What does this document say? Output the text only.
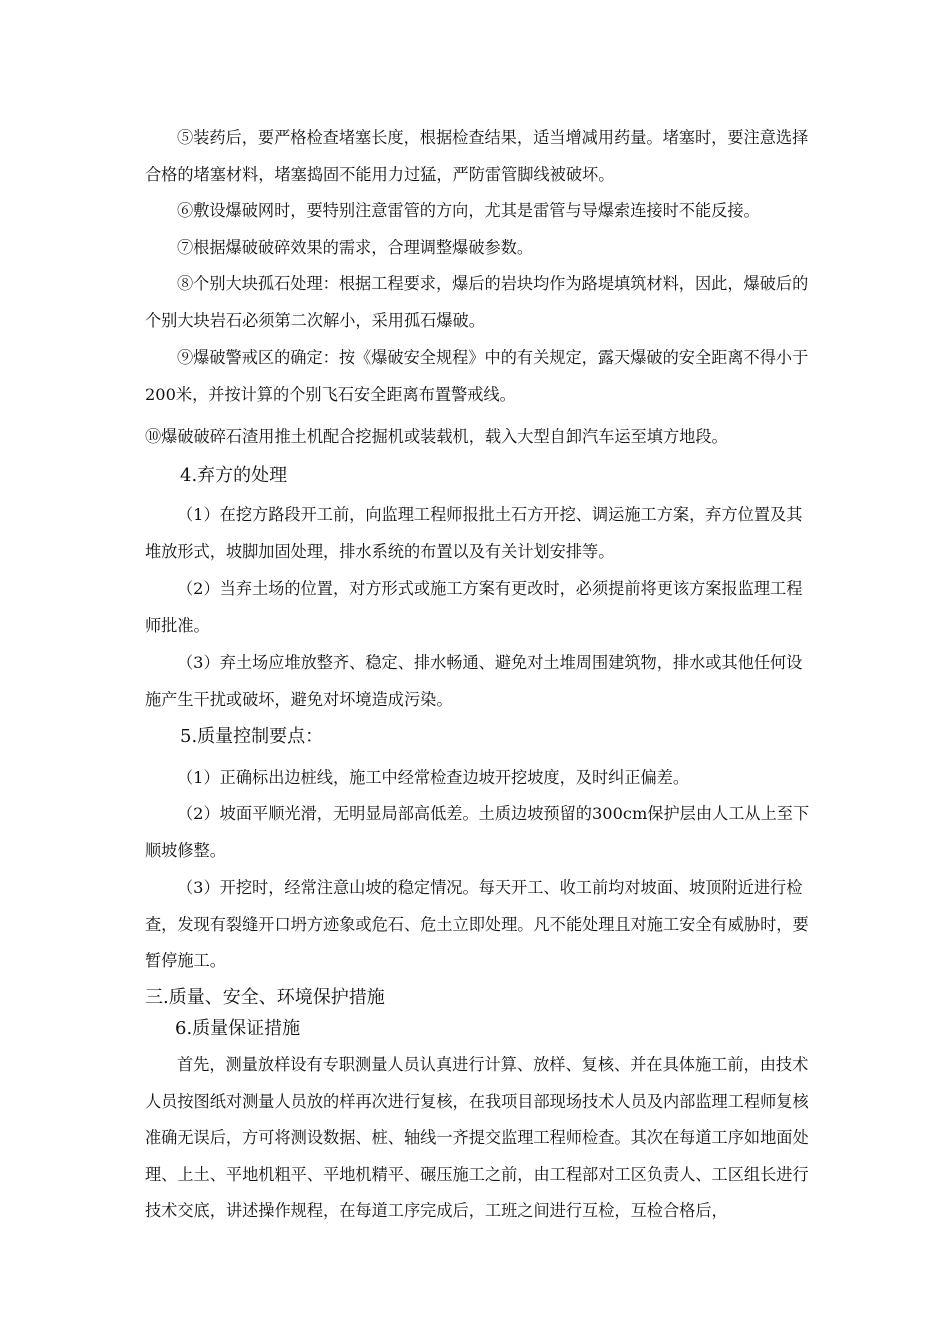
⑤装药后，要严格检查堵塞长度，根据检查结果，适当增减用药量。堵塞时，要注意选择合格的堵塞材料，堵塞捣固不能用力过猛，严防雷管脚线被破坏。

⑥敷设爆破网时，要特别注意雷管的方向，尤其是雷管与导爆索连接时不能反接。

⑦根据爆破破碎效果的需求，合理调整爆破参数。

⑧个别大块孤石处理：根据工程要求，爆后的岩块均作为路堤填筑材料，因此，爆破后的个别大块岩石必须第二次解小，采用孤石爆破。

⑨爆破警戒区的确定：按《爆破安全规程》中的有关规定，露天爆破的安全距离不得小于200米，并按计算的个别飞石安全距离布置警戒线。

⑩爆破破碎石渣用推土机配合挖掘机或装载机，载入大型自卸汽车运至填方地段。

4.弃方的处理

（1）在挖方路段开工前，向监理工程师报批土石方开挖、调运施工方案，弃方位置及其堆放形式，坡脚加固处理，排水系统的布置以及有关计划安排等。

（2）当弃土场的位置，对方形式或施工方案有更改时，必须提前将更该方案报监理工程师批准。

（3）弃土场应堆放整齐、稳定、排水畅通、避免对土堆周围建筑物，排水或其他任何设施产生干扰或破坏，避免对坏境造成污染。

5.质量控制要点：

（1）正确标出边桩线，施工中经常检查边坡开挖坡度，及时纠正偏差。

（2）坡面平顺光滑，无明显局部高低差。土质边坡预留的300cm保护层由人工从上至下顺坡修整。

（3）开挖时，经常注意山坡的稳定情况。每天开工、收工前均对坡面、坡顶附近进行检查，发现有裂缝开口坍方迹象或危石、危土立即处理。凡不能处理且对施工安全有威胁时，要暂停施工。

三.质量、安全、环境保护措施
6.质量保证措施

首先，测量放样设有专职测量人员认真进行计算、放样、复核、并在具体施工前，由技术人员按图纸对测量人员放的样再次进行复核，在我项目部现场技术人员及内部监理工程师复核准确无误后，方可将测设数据、桩、轴线一齐提交监理工程师检查。其次在每道工序如地面处理、上土、平地机粗平、平地机精平、碾压施工之前，由工程部对工区负责人、工区组长进行技术交底，讲述操作规程，在每道工序完成后，工班之间进行互检，互检合格后，
